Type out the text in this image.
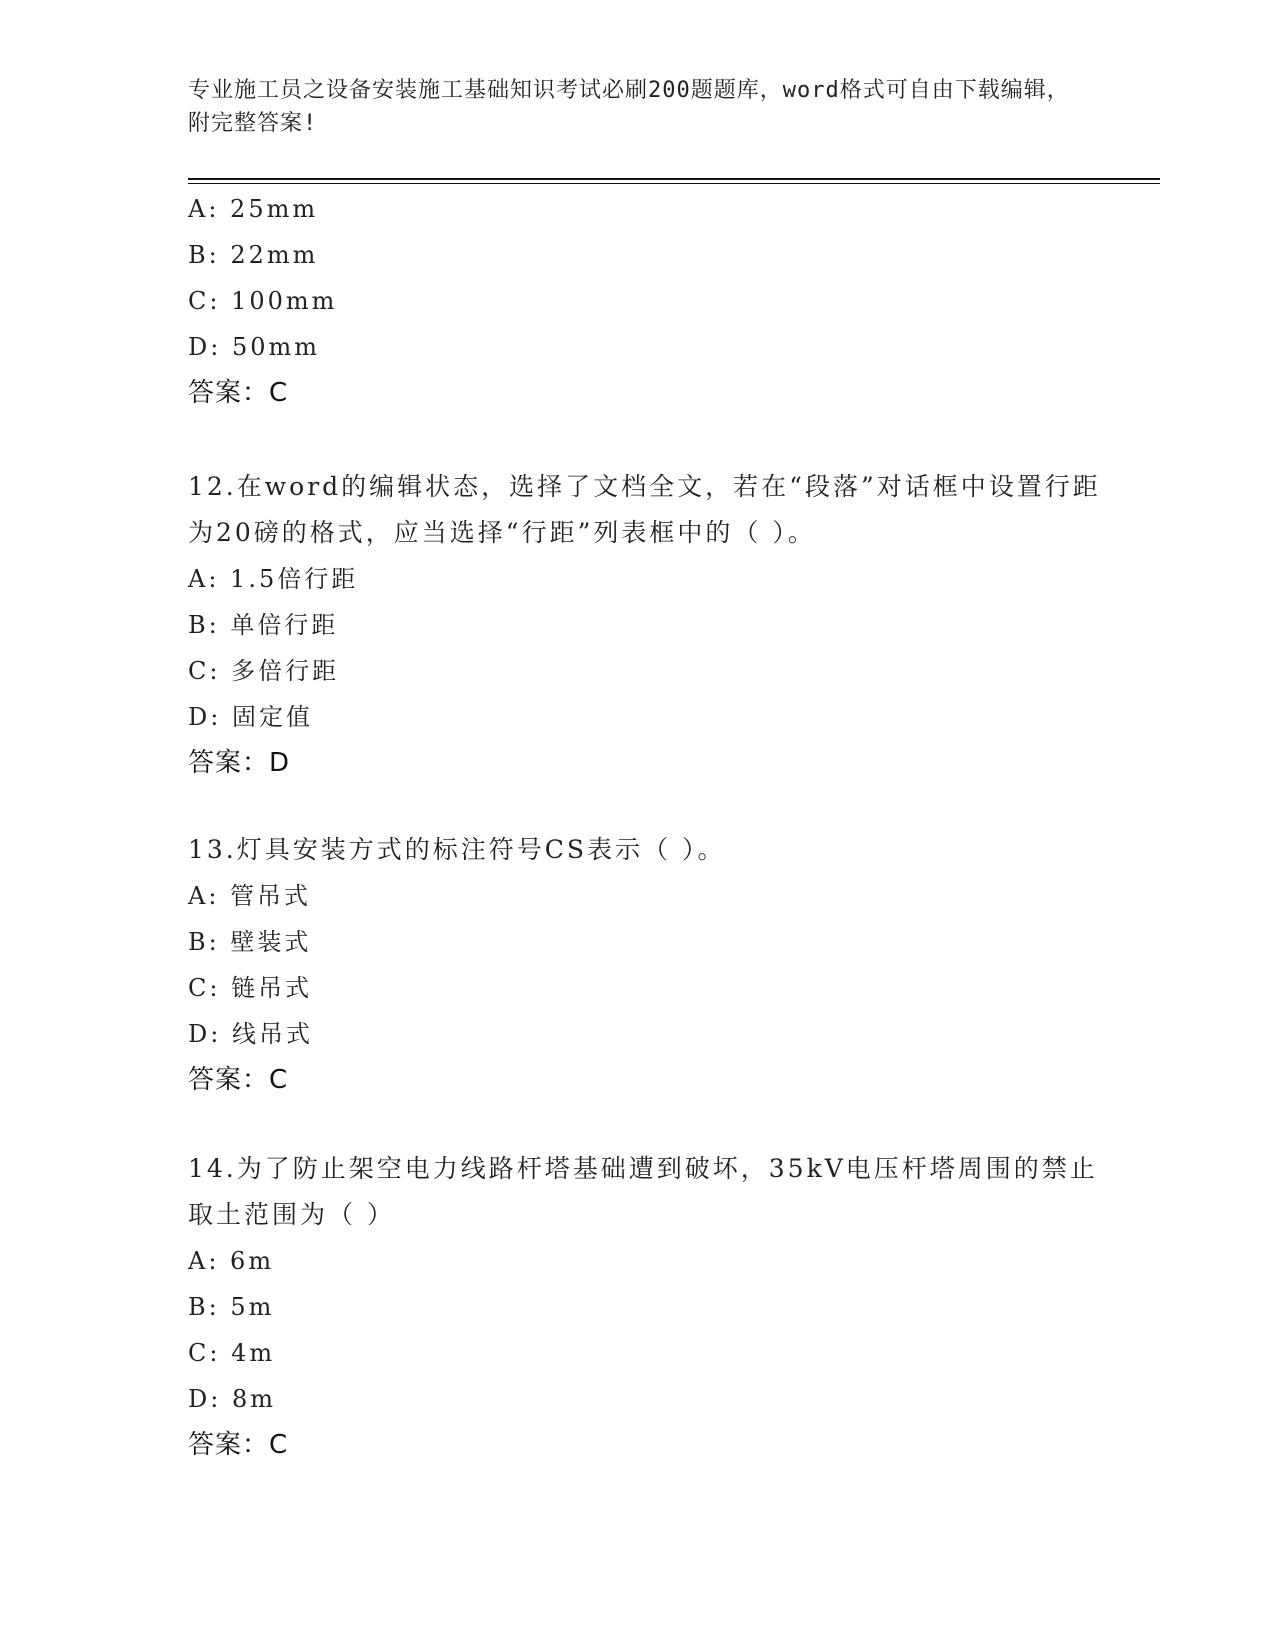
专业施工员之设备安装施工基础知识考试必刷200题题库，word格式可自由下载编辑，附完整答案!
A: 25mm
B: 22mm
C: 100mm
D: 50mm
答案：C
12.在word的编辑状态，选择了文档全文，若在“段落”对话框中设置行距为20磅的格式，应当选择“行距”列表框中的（ ）。
A: 1.5倍行距
B: 单倍行距
C: 多倍行距
D: 固定值
答案：D
13.灯具安装方式的标注符号CS表示（ ）。
A: 管吊式
B: 壁装式
C: 链吊式
D: 线吊式
答案：C
14.为了防止架空电力线路杆塔基础遭到破坏，35kV电压杆塔周围的禁止取土范围为（ ）
A: 6m
B: 5m
C: 4m
D: 8m
答案：C
